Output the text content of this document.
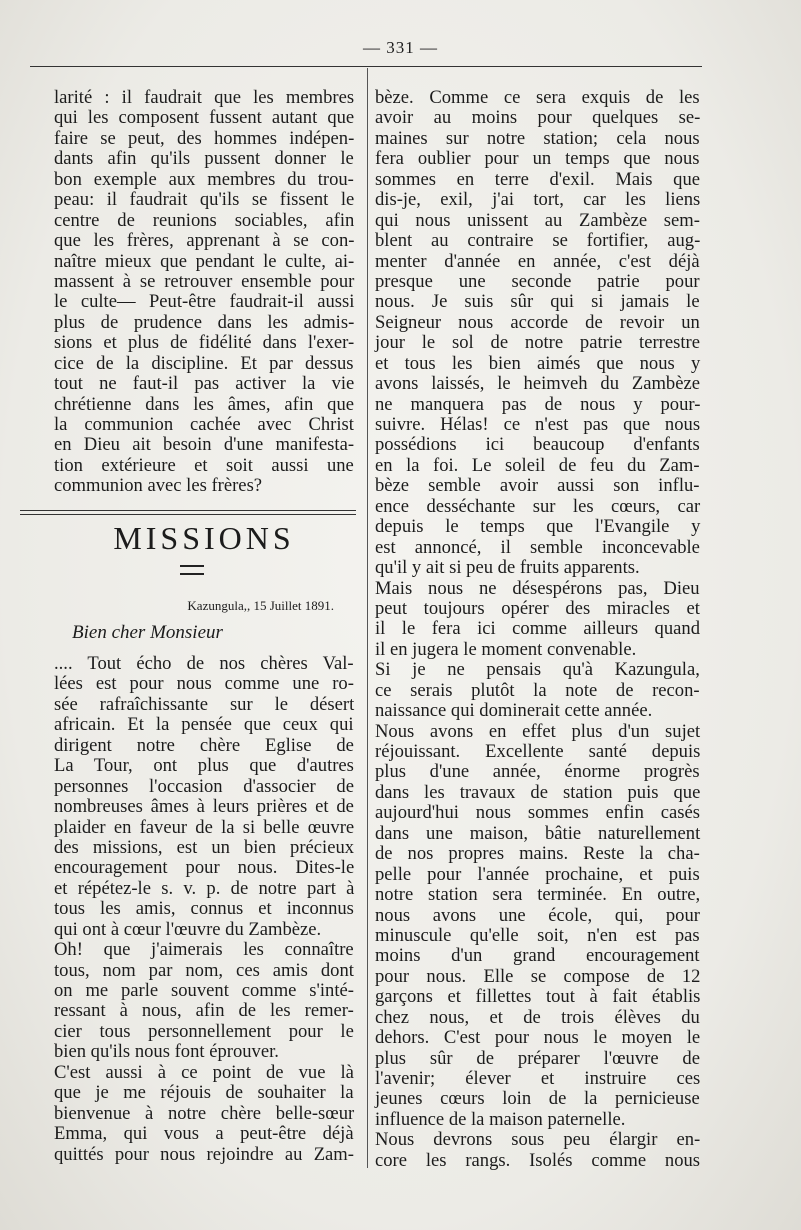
— 331 —
larité : il faudrait que les membres
qui les composent fussent autant que
faire se peut, des hommes indépen-
dants afin qu'ils pussent donner le
bon exemple aux membres du trou-
peau: il faudrait qu'ils se fissent le
centre de reunions sociables, afin
que les frères, apprenant à se con-
naître mieux que pendant le culte, ai-
massent à se retrouver ensemble pour
le culte— Peut-être faudrait-il aussi
plus de prudence dans les admis-
sions et plus de fidélité dans l'exer-
cice de la discipline. Et par dessus
tout ne faut-il pas activer la vie
chrétienne dans les âmes, afin que
la communion cachée avec Christ
en Dieu ait besoin d'une manifesta-
tion extérieure et soit aussi une
communion avec les frères?
MISSIONS
Kazungula,, 15 Juillet 1891.
Bien cher Monsieur
.... Tout écho de nos chères Val-
lées est pour nous comme une ro-
sée rafraîchissante sur le désert
africain. Et la pensée que ceux qui
dirigent notre chère Eglise de
La Tour, ont plus que d'autres
personnes l'occasion d'associer de
nombreuses âmes à leurs prières et de
plaider en faveur de la si belle œuvre
des missions, est un bien précieux
encouragement pour nous. Dites-le
et répétez-le s. v. p. de notre part à
tous les amis, connus et inconnus
qui ont à cœur l'œuvre du Zambèze.
Oh! que j'aimerais les connaître
tous, nom par nom, ces amis dont
on me parle souvent comme s'inté-
ressant à nous, afin de les remer-
cier tous personnellement pour le
bien qu'ils nous font éprouver.
C'est aussi à ce point de vue là
que je me réjouis de souhaiter la
bienvenue à notre chère belle-sœur
Emma, qui vous a peut-être déjà
quittés pour nous rejoindre au Zam-
bèze. Comme ce sera exquis de les
avoir au moins pour quelques se-
maines sur notre station; cela nous
fera oublier pour un temps que nous
sommes en terre d'exil. Mais que
dis-je, exil, j'ai tort, car les liens
qui nous unissent au Zambèze sem-
blent au contraire se fortifier, aug-
menter d'année en année, c'est déjà
presque une seconde patrie pour
nous. Je suis sûr qui si jamais le
Seigneur nous accorde de revoir un
jour le sol de notre patrie terrestre
et tous les bien aimés que nous y
avons laissés, le heimveh du Zambèze
ne manquera pas de nous y pour-
suivre. Hélas! ce n'est pas que nous
possédions ici beaucoup d'enfants
en la foi. Le soleil de feu du Zam-
bèze semble avoir aussi son influ-
ence desséchante sur les cœurs, car
depuis le temps que l'Evangile y
est annoncé, il semble inconcevable
qu'il y ait si peu de fruits apparents.
Mais nous ne désespérons pas, Dieu
peut toujours opérer des miracles et
il le fera ici comme ailleurs quand
il en jugera le moment convenable.
Si je ne pensais qu'à Kazungula,
ce serais plutôt la note de recon-
naissance qui dominerait cette année.
Nous avons en effet plus d'un sujet
réjouissant. Excellente santé depuis
plus d'une année, énorme progrès
dans les travaux de station puis que
aujourd'hui nous sommes enfin casés
dans une maison, bâtie naturellement
de nos propres mains. Reste la cha-
pelle pour l'année prochaine, et puis
notre station sera terminée. En outre,
nous avons une école, qui, pour
minuscule qu'elle soit, n'en est pas
moins d'un grand encouragement
pour nous. Elle se compose de 12
garçons et fillettes tout à fait établis
chez nous, et de trois élèves du
dehors. C'est pour nous le moyen le
plus sûr de préparer l'œuvre de
l'avenir; élever et instruire ces
jeunes cœurs loin de la pernicieuse
influence de la maison paternelle.
Nous devrons sous peu élargir en-
core les rangs. Isolés comme nous
